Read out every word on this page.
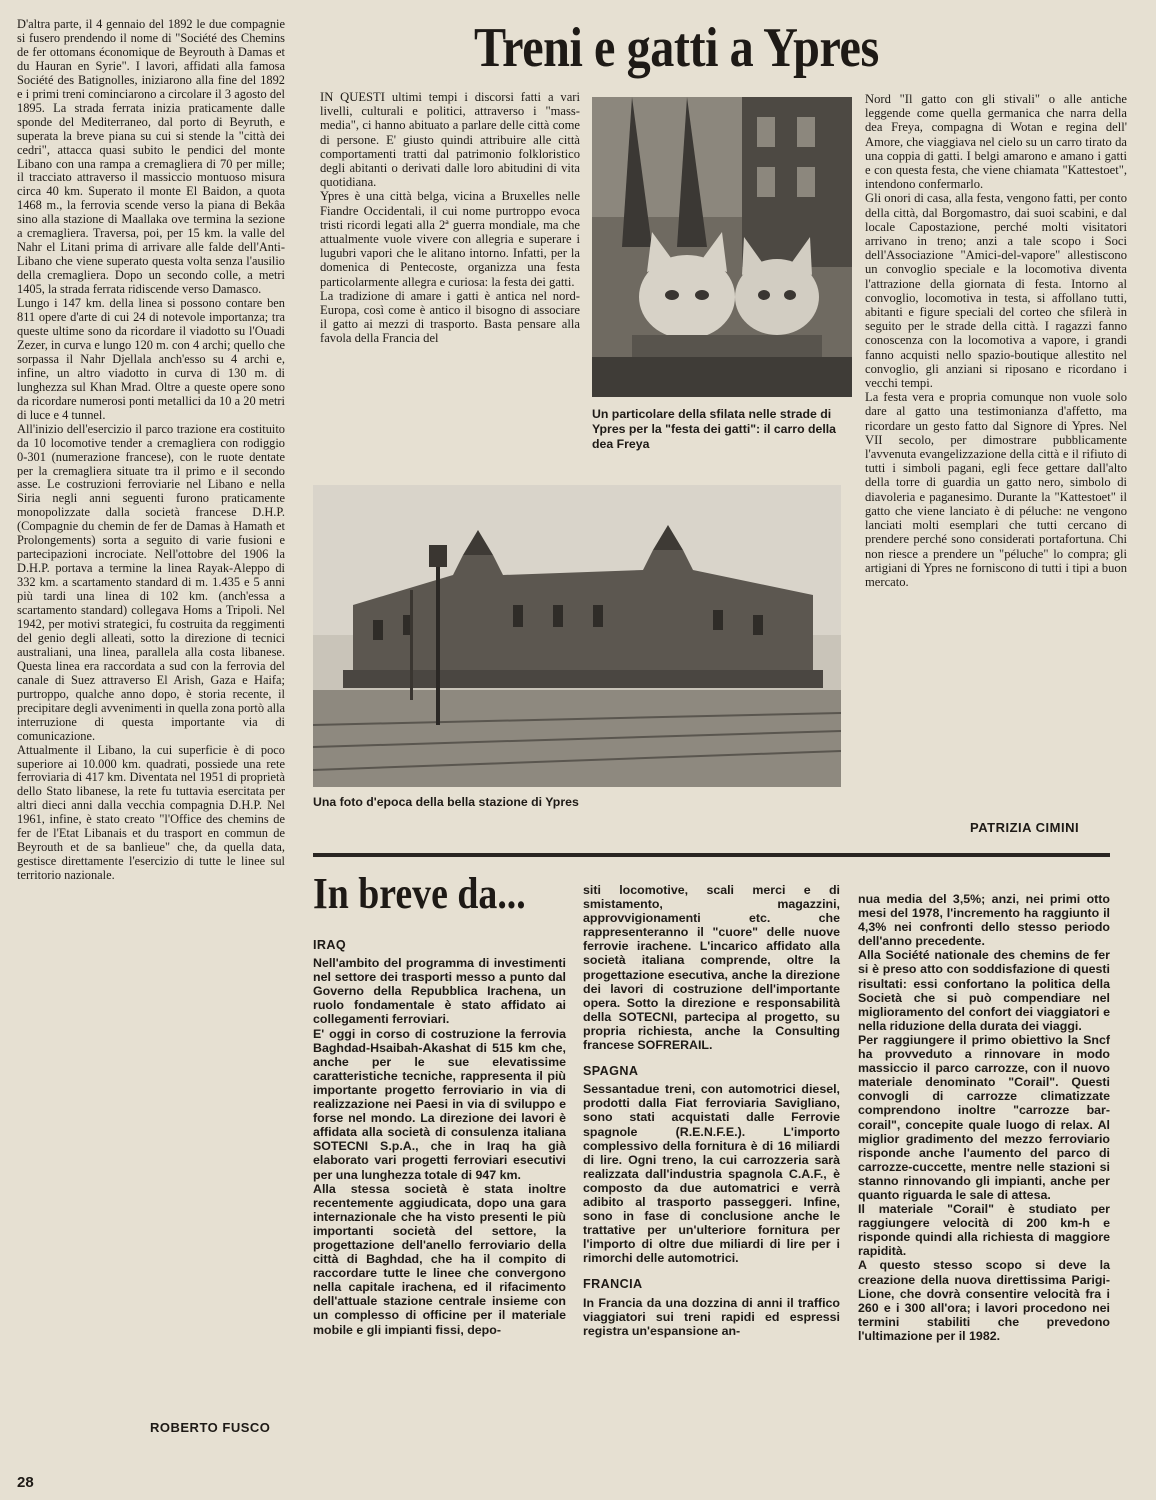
D'altra parte, il 4 gennaio del 1892 le due compagnie si fusero prendendo il nome di "Société des Chemins de fer ottomans économique de Beyrouth à Damas et du Hauran en Syrie". I lavori, affidati alla famosa Société des Batignolles, iniziarono alla fine del 1892 e i primi treni cominciarono a circolare il 3 agosto del 1895. La strada ferrata inizia praticamente dalle sponde del Mediterraneo, dal porto di Beyruth, e superata la breve piana su cui si stende la "città dei cedri", attacca quasi subito le pendici del monte Libano con una rampa a cremagliera di 70 per mille; il tracciato attraverso il massiccio montuoso misura circa 40 km. Superato il monte El Baidon, a quota 1468 m., la ferrovia scende verso la piana di Bekâa sino alla stazione di Maallaka ove termina la sezione a cremagliera. Traversa, poi, per 15 km. la valle del Nahr el Litani prima di arrivare alle falde dell'Anti-Libano che viene superato questa volta senza l'ausilio della cremagliera. Dopo un secondo colle, a metri 1405, la strada ferrata ridiscende verso Damasco.

Lungo i 147 km. della linea si possono contare ben 811 opere d'arte di cui 24 di notevole importanza; tra queste ultime sono da ricordare il viadotto su l'Ouadi Zezer, in curva e lungo 120 m. con 4 archi; quello che sorpassa il Nahr Djellala anch'esso su 4 archi e, infine, un altro viadotto in curva di 130 m. di lunghezza sul Khan Mrad. Oltre a queste opere sono da ricordare numerosi ponti metallici da 10 a 20 metri di luce e 4 tunnel.

All'inizio dell'esercizio il parco trazione era costituito da 10 locomotive tender a cremagliera con rodiggio 0-301 (numerazione francese), con le ruote dentate per la cremagliera situate tra il primo e il secondo asse. Le costruzioni ferroviarie nel Libano e nella Siria negli anni seguenti furono praticamente monopolizzate dalla società francese D.H.P. (Compagnie du chemin de fer de Damas à Hamath et Prolongements) sorta a seguito di varie fusioni e partecipazioni incrociate. Nell'ottobre del 1906 la D.H.P. portava a termine la linea Rayak-Aleppo di 332 km. a scartamento standard di m. 1.435 e 5 anni più tardi una linea di 102 km. (anch'essa a scartamento standard) collegava Homs a Tripoli. Nel 1942, per motivi strategici, fu costruita da reggimenti del genio degli alleati, sotto la direzione di tecnici australiani, una linea, parallela alla costa libanese. Questa linea era raccordata a sud con la ferrovia del canale di Suez attraverso El Arish, Gaza e Haifa; purtroppo, qualche anno dopo, è storia recente, il precipitare degli avvenimenti in quella zona portò alla interruzione di questa importante via di comunicazione.

Attualmente il Libano, la cui superficie è di poco superiore ai 10.000 km. quadrati, possiede una rete ferroviaria di 417 km. Diventata nel 1951 di proprietà dello Stato libanese, la rete fu tuttavia esercitata per altri dieci anni dalla vecchia compagnia D.H.P. Nel 1961, infine, è stato creato "l'Office des chemins de fer de l'Etat Libanais et du trasport en commun de Beyrouth et de sa banlieue" che, da quella data, gestisce direttamente l'esercizio di tutte le linee sul territorio nazionale.

ROBERTO FUSCO
Treni e gatti a Ypres

IN QUESTI ultimi tempi i discorsi fatti a vari livelli, culturali e politici, attraverso i "mass-media", ci hanno abituato a parlare delle città come di persone. E' giusto quindi attribuire alle città comportamenti tratti dal patrimonio folkloristico degli abitanti o derivati dalle loro abitudini di vita quotidiana.

Ypres è una città belga, vicina a Bruxelles nelle Fiandre Occidentali, il cui nome purtroppo evoca tristi ricordi legati alla 2ª guerra mondiale, ma che attualmente vuole vivere con allegria e superare i lugubri vapori che le alitano intorno. Infatti, per la domenica di Pentecoste, organizza una festa particolarmente allegra e curiosa: la festa dei gatti.

La tradizione di amare i gatti è antica nel nord-Europa, così come è antico il bisogno di associare il gatto ai mezzi di trasporto. Basta pensare alla favola della Francia del

Un particolare della sfilata nelle strade di Ypres per la "festa dei gatti": il carro della dea Freya

Nord "Il gatto con gli stivali" o alle antiche leggende come quella germanica che narra della dea Freya, compagna di Wotan e regina dell' Amore, che viaggiava nel cielo su un carro tirato da una coppia di gatti. I belgi amarono e amano i gatti e con questa festa, che viene chiamata "Kattestoet", intendono confermarlo.

Gli onori di casa, alla festa, vengono fatti, per conto della città, dal Borgomastro, dai suoi scabini, e dal locale Capostazione, perché molti visitatori arrivano in treno; anzi a tale scopo i Soci dell'Associazione "Amici-del-vapore" allestiscono un convoglio speciale e la locomotiva diventa l'attrazione della giornata di festa. Intorno al convoglio, locomotiva in testa, si affollano tutti, abitanti e figure speciali del corteo che sfilerà in seguito per le strade della città. I ragazzi fanno conoscenza con la locomotiva a vapore, i grandi fanno acquisti nello spazio-boutique allestito nel convoglio, gli anziani si riposano e ricordano i vecchi tempi.

La festa vera e propria comunque non vuole solo dare al gatto una testimonianza d'affetto, ma ricordare un gesto fatto dal Signore di Ypres. Nel VII secolo, per dimostrare pubblicamente l'avvenuta evangelizzazione della città e il rifiuto di tutti i simboli pagani, egli fece gettare dall'alto della torre di guardia un gatto nero, simbolo di diavoleria e paganesimo. Durante la "Kattestoet" il gatto che viene lanciato è di péluche: ne vengono lanciati molti esemplari che tutti cercano di prendere perché sono considerati portafortuna. Chi non riesce a prendere un "péluche" lo compra; gli artigiani di Ypres ne forniscono di tutti i tipi a buon mercato.

PATRIZIA CIMINI
Una foto d'epoca della bella stazione di Ypres
In breve da...
IRAQ

Nell'ambito del programma di investimenti nel settore dei trasporti messo a punto dal Governo della Repubblica Irachena, un ruolo fondamentale è stato affidato ai collegamenti ferroviari.

E' oggi in corso di costruzione la ferrovia Baghdad-Hsaibah-Akashat di 515 km che, anche per le sue elevatissime caratteristiche tecniche, rappresenta il più importante progetto ferroviario in via di realizzazione nei Paesi in via di sviluppo e forse nel mondo. La direzione dei lavori è affidata alla società di consulenza italiana SOTECNI S.p.A., che in Iraq ha già elaborato vari progetti ferroviari esecutivi per una lunghezza totale di 947 km.

Alla stessa società è stata inoltre recentemente aggiudicata, dopo una gara internazionale che ha visto presenti le più importanti società del settore, la progettazione dell'anello ferroviario della città di Baghdad, che ha il compito di raccordare tutte le linee che convergono nella capitale irachena, ed il rifacimento dell'attuale stazione centrale insieme con un complesso di officine per il materiale mobile e gli impianti fissi, depo-

siti locomotive, scali merci e di smistamento, magazzini, approvvigionamenti etc. che rappresenteranno il "cuore" delle nuove ferrovie irachene. L'incarico affidato alla società italiana comprende, oltre la progettazione esecutiva, anche la direzione dei lavori di costruzione dell'importante opera. Sotto la direzione e responsabilità della SOTECNI, partecipa al progetto, su propria richiesta, anche la Consulting francese SOFRERAIL.

SPAGNA

Sessantadue treni, con automotrici diesel, prodotti dalla Fiat ferroviaria Savigliano, sono stati acquistati dalle Ferrovie spagnole (R.E.N.F.E.). L'importo complessivo della fornitura è di 16 miliardi di lire. Ogni treno, la cui carrozzeria sarà realizzata dall'industria spagnola C.A.F., è composto da due automatrici e verrà adibito al trasporto passeggeri. Infine, sono in fase di conclusione anche le trattative per un'ulteriore fornitura per l'importo di oltre due miliardi di lire per i rimorchi delle automotrici.

FRANCIA

In Francia da una dozzina di anni il traffico viaggiatori sui treni rapidi ed espressi registra un'espansione an-

nua media del 3,5%; anzi, nei primi otto mesi del 1978, l'incremento ha raggiunto il 4,3% nei confronti dello stesso periodo dell'anno precedente.

Alla Société nationale des chemins de fer si è preso atto con soddisfazione di questi risultati: essi confortano la politica della Società che si può compendiare nel miglioramento del confort dei viaggiatori e nella riduzione della durata dei viaggi.

Per raggiungere il primo obiettivo la Sncf ha provveduto a rinnovare in modo massiccio il parco carrozze, con il nuovo materiale denominato "Corail". Questi convogli di carrozze climatizzate comprendono inoltre "carrozze bar-corail", concepite quale luogo di relax. Al miglior gradimento del mezzo ferroviario risponde anche l'aumento del parco di carrozze-cuccette, mentre nelle stazioni si stanno rinnovando gli impianti, anche per quanto riguarda le sale di attesa.

Il materiale "Corail" è studiato per raggiungere velocità di 200 km-h e risponde quindi alla richiesta di maggiore rapidità.

A questo stesso scopo si deve la creazione della nuova direttissima Parigi-Lione, che dovrà consentire velocità fra i 260 e i 300 all'ora; i lavori procedono nei termini stabiliti che prevedono l'ultimazione per il 1982.

28
